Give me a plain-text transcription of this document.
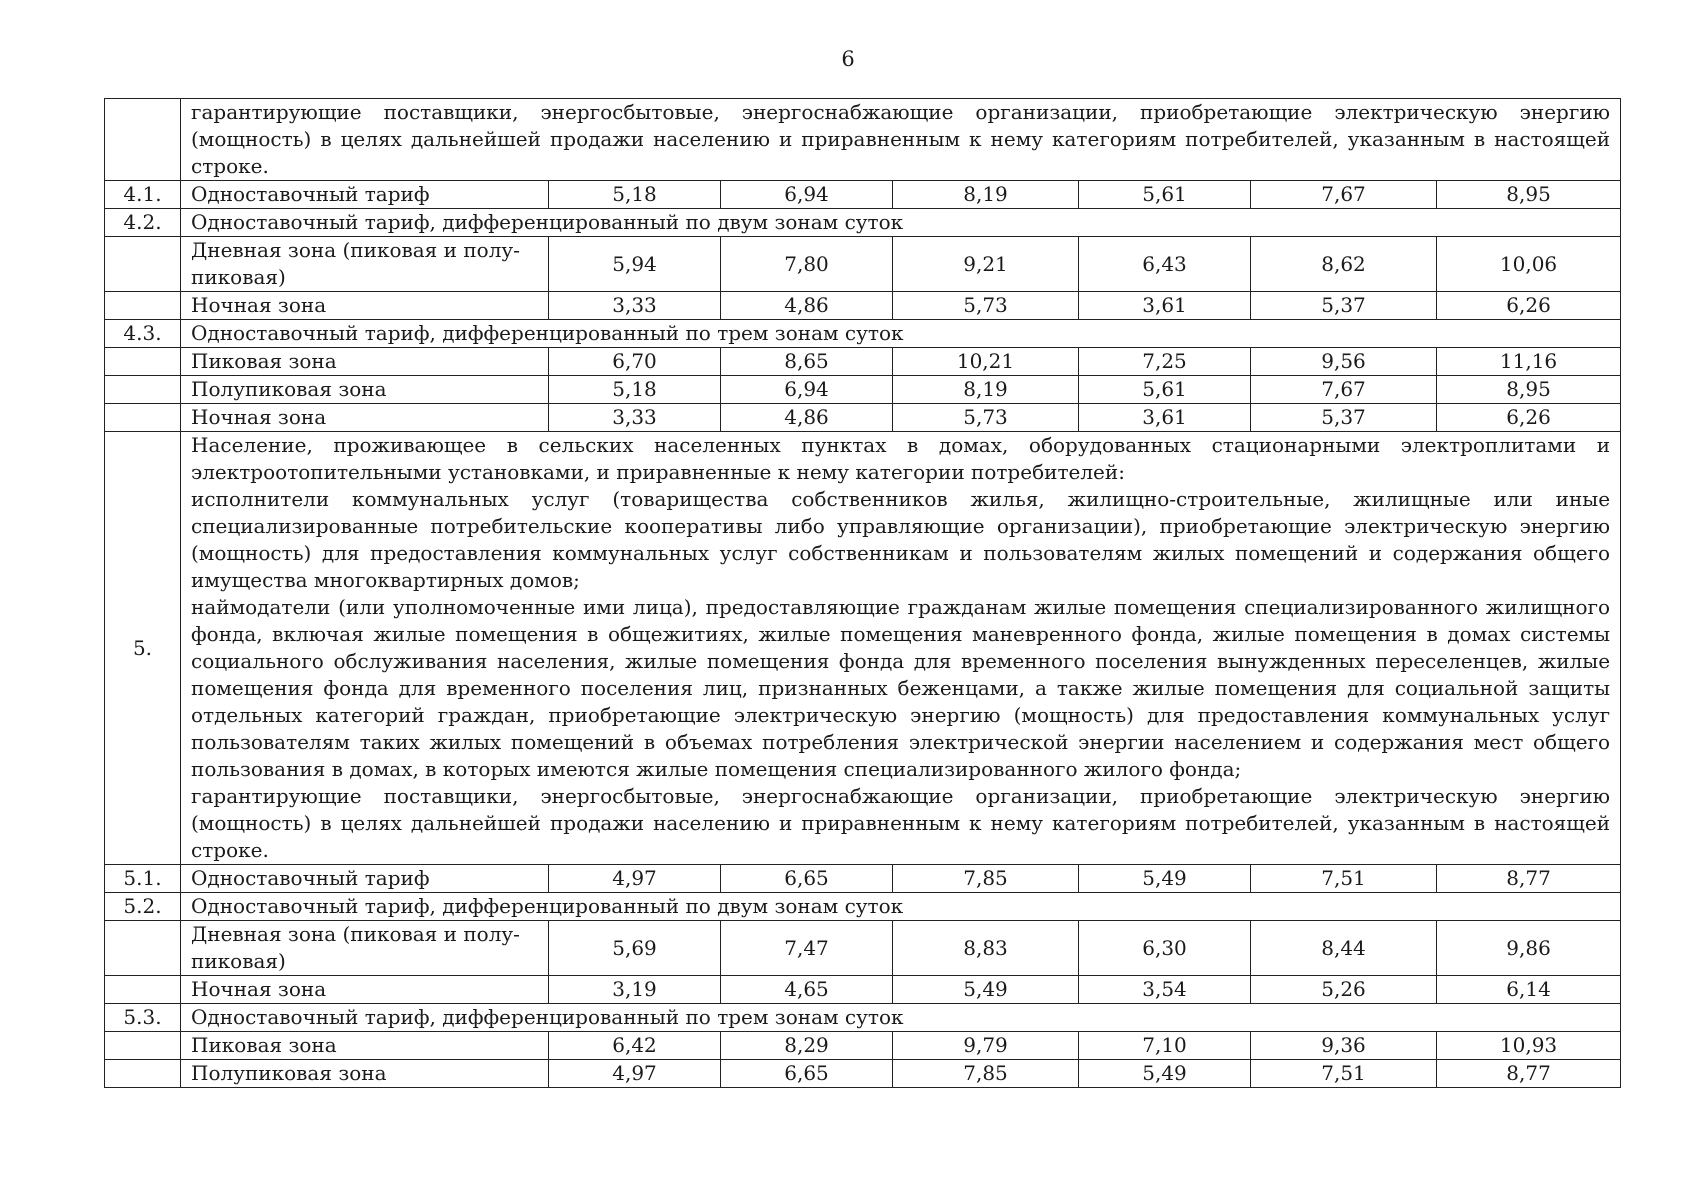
6
	гарантирующие поставщики, энергосбытовые, энергоснабжающие организации, приобретающие электрическую энергию (мощность) в целях дальнейшей продажи населению и приравненным к нему категориям потребителей, указанным в настоящей строке.						
4.1.	Одноставочный тариф	5,18	6,94	8,19	5,61	7,67	8,95
4.2.	Одноставочный тариф, дифференцированный по двум зонам суток						
	Дневная зона (пиковая и полу-пиковая)	5,94	7,80	9,21	6,43	8,62	10,06
	Ночная зона	3,33	4,86	5,73	3,61	5,37	6,26
4.3.	Одноставочный тариф, дифференцированный по трем зонам суток						
	Пиковая зона	6,70	8,65	10,21	7,25	9,56	11,16
	Полупиковая зона	5,18	6,94	8,19	5,61	7,67	8,95
	Ночная зона	3,33	4,86	5,73	3,61	5,37	6,26
5.	Население, проживающее в сельских населенных пунктах в домах, оборудованных стационарными электроплитами и электроотопительными установками, и приравненные к нему категории потребителей:
исполнители коммунальных услуг (товарищества собственников жилья, жилищно-строительные, жилищные или иные специализированные потребительские кооперативы либо управляющие организации), приобретающие электрическую энергию (мощность) для предоставления коммунальных услуг собственникам и пользователям жилых помещений и содержания общего имущества многоквартирных домов;
наймодатели (или уполномоченные ими лица), предоставляющие гражданам жилые помещения специализированного жилищного фонда, включая жилые помещения в общежитиях, жилые помещения маневренного фонда, жилые помещения в домах системы социального обслуживания населения, жилые помещения фонда для временного поселения вынужденных переселенцев, жилые помещения фонда для временного поселения лиц, признанных беженцами, а также жилые помещения для социальной защиты отдельных категорий граждан, приобретающие электрическую энергию (мощность) для предоставления коммунальных услуг пользователям таких жилых помещений в объемах потребления электрической энергии населением и содержания мест общего пользования в домах, в которых имеются жилые помещения специализированного жилого фонда;
гарантирующие поставщики, энергосбытовые, энергоснабжающие организации, приобретающие электрическую энергию (мощность) в целях дальнейшей продажи населению и приравненным к нему категориям потребителей, указанным в настоящей строке.						

5.1.	Одноставочный тариф	4,97	6,65	7,85	5,49	7,51	8,77
5.2.	Одноставочный тариф, дифференцированный по двум зонам суток						
	Дневная зона (пиковая и полу-пиковая)	5,69	7,47	8,83	6,30	8,44	9,86
	Ночная зона	3,19	4,65	5,49	3,54	5,26	6,14
5.3.	Одноставочный тариф, дифференцированный по трем зонам суток						
	Пиковая зона	6,42	8,29	9,79	7,10	9,36	10,93
	Полупиковая зона	4,97	6,65	7,85	5,49	7,51	8,77
